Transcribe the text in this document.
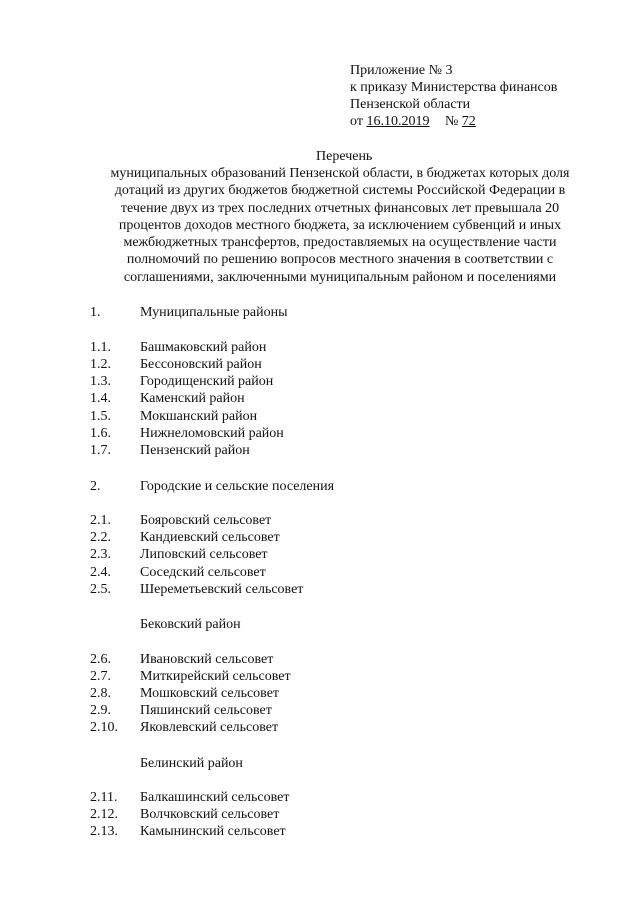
Приложение № 3
к приказу Министерства финансов
Пензенской области
от 16.10.2019 № 72
Перечень
муниципальных образований Пензенской области, в бюджетах которых доля
дотаций из других бюджетов бюджетной системы Российской Федерации в
течение двух из трех последних отчетных финансовых лет превышала 20
процентов доходов местного бюджета, за исключением субвенций и иных
межбюджетных трансфертов, предоставляемых на осуществление части
полномочий по решению вопросов местного значения в соответствии с
соглашениями, заключенными муниципальным районом и поселениями
1.	Муниципальные районы
1.1. Башмаковский район
1.2. Бессоновский район
1.3. Городищенский район
1.4. Каменский район
1.5. Мокшанский район
1.6. Нижнеломовский район
1.7. Пензенский район
2.	Городские и сельские поселения
2.1. Бояровский сельсовет
2.2. Кандиевский сельсовет
2.3. Липовский сельсовет
2.4. Соседский сельсовет
2.5. Шереметьевский сельсовет
Бековский район
2.6. Ивановский сельсовет
2.7. Миткирейский сельсовет
2.8. Мошковский сельсовет
2.9. Пяшинский сельсовет
2.10. Яковлевский сельсовет
Белинский район
2.11. Балкашинский сельсовет
2.12. Волчковский сельсовет
2.13. Камынинский сельсовет
